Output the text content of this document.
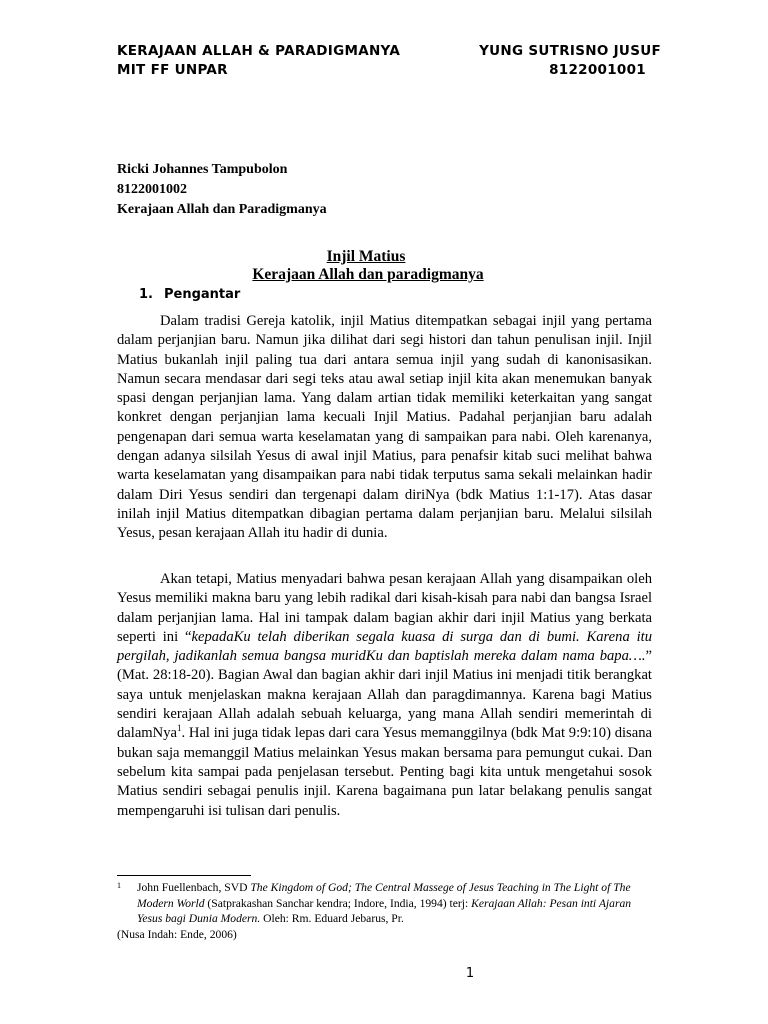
KERAJAAN ALLAH & PARADIGMANYA
MIT FF UNPAR
YUNG SUTRISNO JUSUF
8122001001
Ricki Johannes Tampubolon
8122001002
Kerajaan Allah dan Paradigmanya
Injil Matius
Kerajaan Allah dan paradigmanya
1. Pengantar

Dalam tradisi Gereja katolik, injil Matius ditempatkan sebagai injil yang pertama dalam perjanjian baru. Namun jika dilihat dari segi histori dan tahun penulisan injil. Injil Matius bukanlah injil paling tua dari antara semua injil yang sudah di kanonisasikan. Namun secara mendasar dari segi teks atau awal setiap injil kita akan menemukan banyak spasi dengan perjanjian lama. Yang dalam artian tidak memiliki keterkaitan yang sangat konkret dengan perjanjian lama kecuali Injil Matius. Padahal perjanjian baru adalah pengenapan dari semua warta keselamatan yang di sampaikan para nabi. Oleh karenanya, dengan adanya silsilah Yesus di awal injil Matius, para penafsir kitab suci melihat bahwa warta keselamatan yang disampaikan para nabi tidak terputus sama sekali melainkan hadir dalam Diri Yesus sendiri dan tergenapi dalam diriNya (bdk Matius 1:1-17). Atas dasar inilah injil Matius ditempatkan dibagian pertama dalam perjanjian baru. Melalui silsilah Yesus, pesan kerajaan Allah itu hadir di dunia.

Akan tetapi, Matius menyadari bahwa pesan kerajaan Allah yang disampaikan oleh Yesus memiliki makna baru yang lebih radikal dari kisah-kisah para nabi dan bangsa Israel dalam perjanjian lama. Hal ini tampak dalam bagian akhir dari injil Matius yang berkata seperti ini “kepadaKu telah diberikan segala kuasa di surga dan di bumi. Karena itu pergilah, jadikanlah semua bangsa muridKu dan baptislah mereka dalam nama bapa….” (Mat. 28:18-20). Bagian Awal dan bagian akhir dari injil Matius ini menjadi titik berangkat saya untuk menjelaskan makna kerajaan Allah dan paragdimannya. Karena bagi Matius sendiri kerajaan Allah adalah sebuah keluarga, yang mana Allah sendiri memerintah di dalamNya$^1$. Hal ini juga tidak lepas dari cara Yesus memanggilnya (bdk Mat 9:9:10) disana bukan saja memanggil Matius melainkan Yesus makan bersama para pemungut cukai. Dan sebelum kita sampai pada penjelasan tersebut. Penting bagi kita untuk mengetahui sosok Matius sendiri sebagai penulis injil. Karena bagaimana pun latar belakang penulis sangat mempengaruhi isi tulisan dari penulis.

$^1$ John Fuellenbach, SVD The Kingdom of God; The Central Massege of Jesus Teaching in The Light of The Modern World (Satprakashan Sanchar kendra; Indore, India, 1994) terj: Kerajaan Allah: Pesan inti Ajaran Yesus bagi Dunia Modern. Oleh: Rm. Eduard Jebarus, Pr.
(Nusa Indah: Ende, 2006)
1
